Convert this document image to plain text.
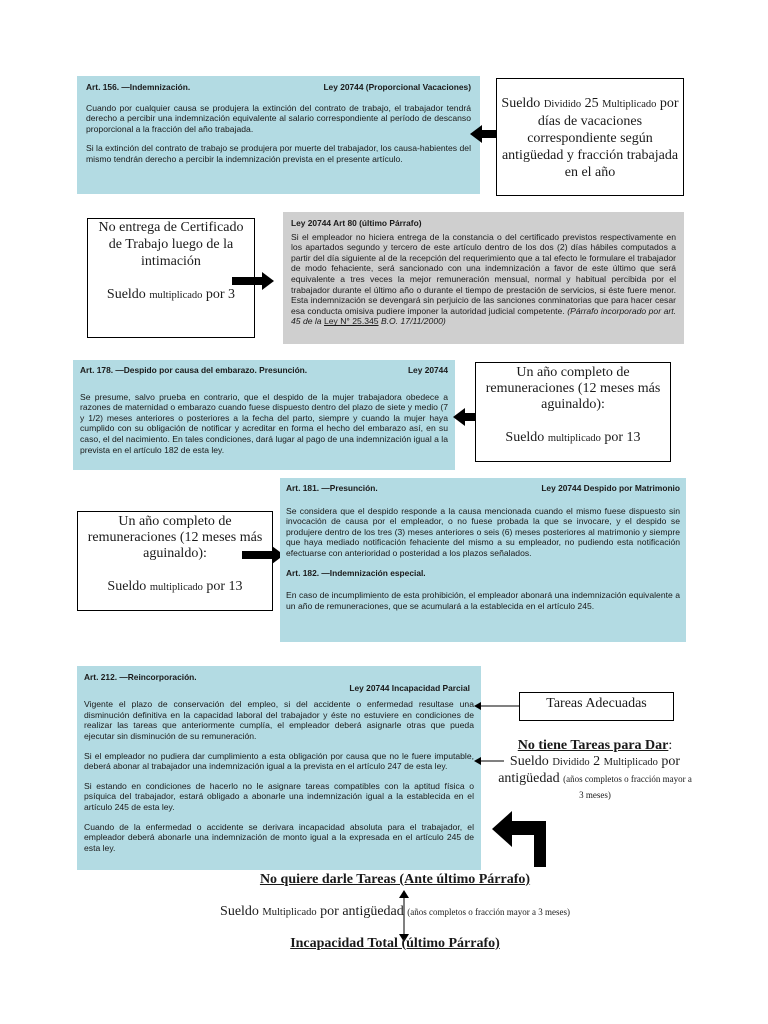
Art. 156. —Indemnización.	Ley 20744 (Proporcional Vacaciones)

Cuando por cualquier causa se produjera la extinción del contrato de trabajo, el trabajador tendrá derecho a percibir una indemnización equivalente al salario correspondiente al período de descanso proporcional a la fracción del año trabajada.

Si la extinción del contrato de trabajo se produjera por muerte del trabajador, los causa-habientes del mismo tendrán derecho a percibir la indemnización prevista en el presente artículo.

Sueldo Dividido 25 Multiplicado por días de vacaciones correspondiente según antigüedad y fracción trabajada en el año
No entrega de Certificado de Trabajo luego de la intimación
Sueldo multiplicado por 3
Ley 20744 Art 80 (último Párrafo)

Si el empleador no hiciera entrega de la constancia o del certificado previstos respectivamente en los apartados segundo y tercero de este artículo dentro de los dos (2) días hábiles computados a partir del día siguiente al de la recepción del requerimiento que a tal efecto le formulare el trabajador de modo fehaciente, será sancionado con una indemnización a favor de este último que será equivalente a tres veces la mejor remuneración mensual, normal y habitual percibida por el trabajador durante el último año o durante el tiempo de prestación de servicios, si éste fuere menor. Esta indemnización se devengará sin perjuicio de las sanciones conminatorias que para hacer cesar esa conducta omisiva pudiere imponer la autoridad judicial competente. (Párrafo incorporado por art. 45 de la Ley N° 25.345 B.O. 17/11/2000)

Art. 178. —Despido por causa del embarazo. Presunción.	Ley 20744

Se presume, salvo prueba en contrario, que el despido de la mujer trabajadora obedece a razones de maternidad o embarazo cuando fuese dispuesto dentro del plazo de siete y medio (7 y 1/2) meses anteriores o posteriores a la fecha del parto, siempre y cuando la mujer haya cumplido con su obligación de notificar y acreditar en forma el hecho del embarazo así, en su caso, el del nacimiento. En tales condiciones, dará lugar al pago de una indemnización igual a la prevista en el artículo 182 de esta ley.

Un año completo de remuneraciones (12 meses más aguinaldo):
Sueldo multiplicado por 13
Un año completo de remuneraciones (12 meses más aguinaldo):
Sueldo multiplicado por 13
Art. 181. —Presunción.	Ley 20744 Despido por Matrimonio

Se considera que el despido responde a la causa mencionada cuando el mismo fuese dispuesto sin invocación de causa por el empleador, o no fuese probada la que se invocare, y el despido se produjere dentro de los tres (3) meses anteriores o seis (6) meses posteriores al matrimonio y siempre que haya mediado notificación fehaciente del mismo a su empleador, no pudiendo esta notificación efectuarse con anterioridad o posteridad a los plazos señalados.

Art. 182. —Indemnización especial.

En caso de incumplimiento de esta prohibición, el empleador abonará una indemnización equivalente a un año de remuneraciones, que se acumulará a la establecida en el artículo 245.

Art. 212. —Reincorporación.
Ley 20744 Incapacidad Parcial

Vigente el plazo de conservación del empleo, si del accidente o enfermedad resultase una disminución definitiva en la capacidad laboral del trabajador y éste no estuviere en condiciones de realizar las tareas que anteriormente cumplía, el empleador deberá asignarle otras que pueda ejecutar sin disminución de su remuneración.

Si el empleador no pudiera dar cumplimiento a esta obligación por causa que no le fuere imputable, deberá abonar al trabajador una indemnización igual a la prevista en el artículo 247 de esta ley.

Si estando en condiciones de hacerlo no le asignare tareas compatibles con la aptitud física o psíquica del trabajador, estará obligado a abonarle una indemnización igual a la establecida en el artículo 245 de esta ley.

Cuando de la enfermedad o accidente se derivara incapacidad absoluta para el trabajador, el empleador deberá abonarle una indemnización de monto igual a la expresada en el artículo 245 de esta ley.

Tareas Adecuadas
No tiene Tareas para Dar:
Sueldo Dividido 2 Multiplicado por antigüedad (años completos o fracción mayor a 3 meses)
No quiere darle Tareas (Ante último Párrafo)
Sueldo Multiplicado por antigüedad (años completos o fracción mayor a 3 meses)
Incapacidad Total (último Párrafo)
